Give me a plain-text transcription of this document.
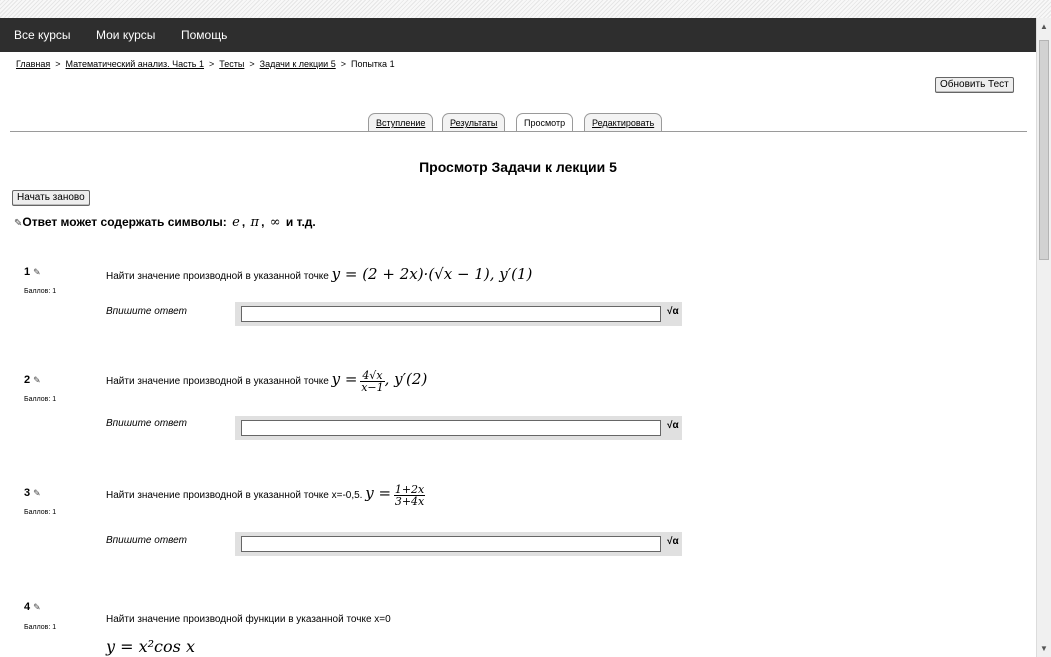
Все курсы Мои курсы Помощь
▲
▼
Главная > Математический анализ. Часть 1 > Тесты > Задачи к лекции 5 > Попытка 1
Обновить Тест
Вступление	Результаты	Просмотр	Редактировать
Просмотр Задачи к лекции 5
Начать заново
✎Ответ может содержать символы: e , π , ∞ и т.д.
1 ✎
Баллов: 1
Найти значение производной в указанной точке y = (2 + 2x)·(√x − 1), y′(1)
Впишите ответ	√α
2 ✎
Баллов: 1
Найти значение производной в указанной точке $y = \frac{4√x}{x-1}$ , y′(2)
Впишите ответ	√α
3 ✎
Баллов: 1
Найти значение производной в указанной точке x=-0,5. $y = \frac{1+2x}{3+4x}$
Впишите ответ	√α
4 ✎
Баллов: 1
Найти значение производной функции в указанной точке x=0
y = x²cos x
